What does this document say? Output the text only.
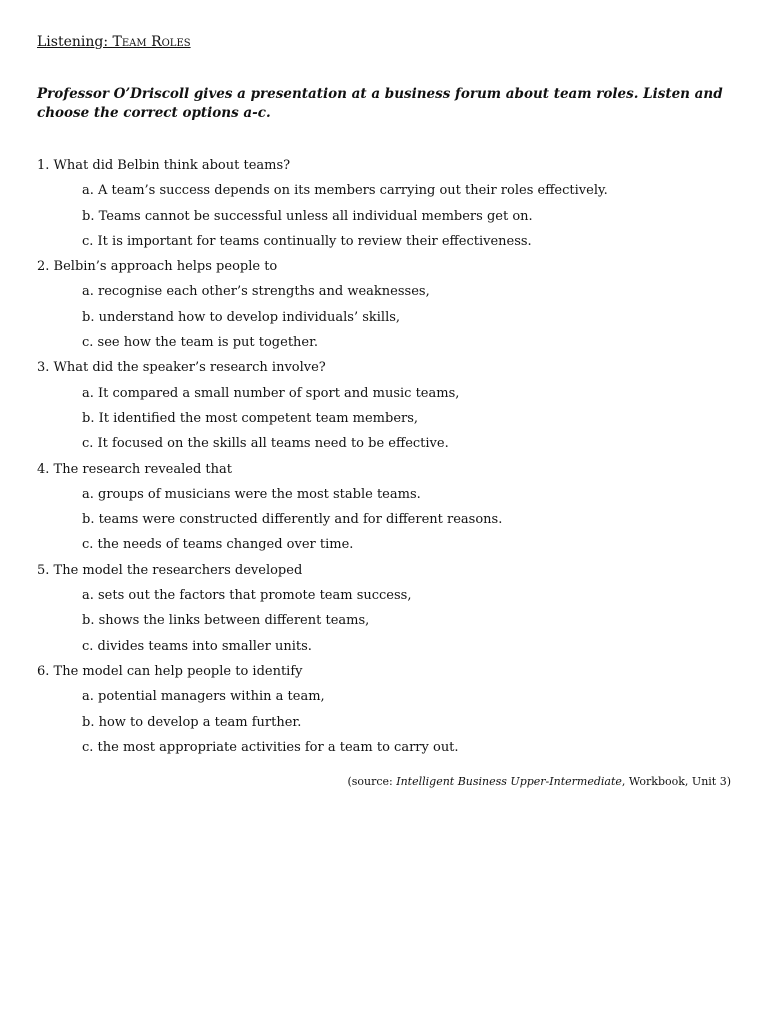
Listening: Team Roles
Professor O’Driscoll gives a presentation at a business forum about team roles. Listen and choose the correct options a-c.
1. What did Belbin think about teams?
a. A team’s success depends on its members carrying out their roles effectively.
b. Teams cannot be successful unless all individual members get on.
c. It is important for teams continually to review their effectiveness.
2. Belbin’s approach helps people to
a. recognise each other’s strengths and weaknesses,
b. understand how to develop individuals’ skills,
c. see how the team is put together.
3. What did the speaker’s research involve?
a. It compared a small number of sport and music teams,
b. It identified the most competent team members,
c. It focused on the skills all teams need to be effective.
4. The research revealed that
a. groups of musicians were the most stable teams.
b. teams were constructed differently and for different reasons.
c. the needs of teams changed over time.
5. The model the researchers developed
a. sets out the factors that promote team success,
b. shows the links between different teams,
c. divides teams into smaller units.
6. The model can help people to identify
a. potential managers within a team,
b. how to develop a team further.
c. the most appropriate activities for a team to carry out.
(source: Intelligent Business Upper-Intermediate, Workbook, Unit 3)
